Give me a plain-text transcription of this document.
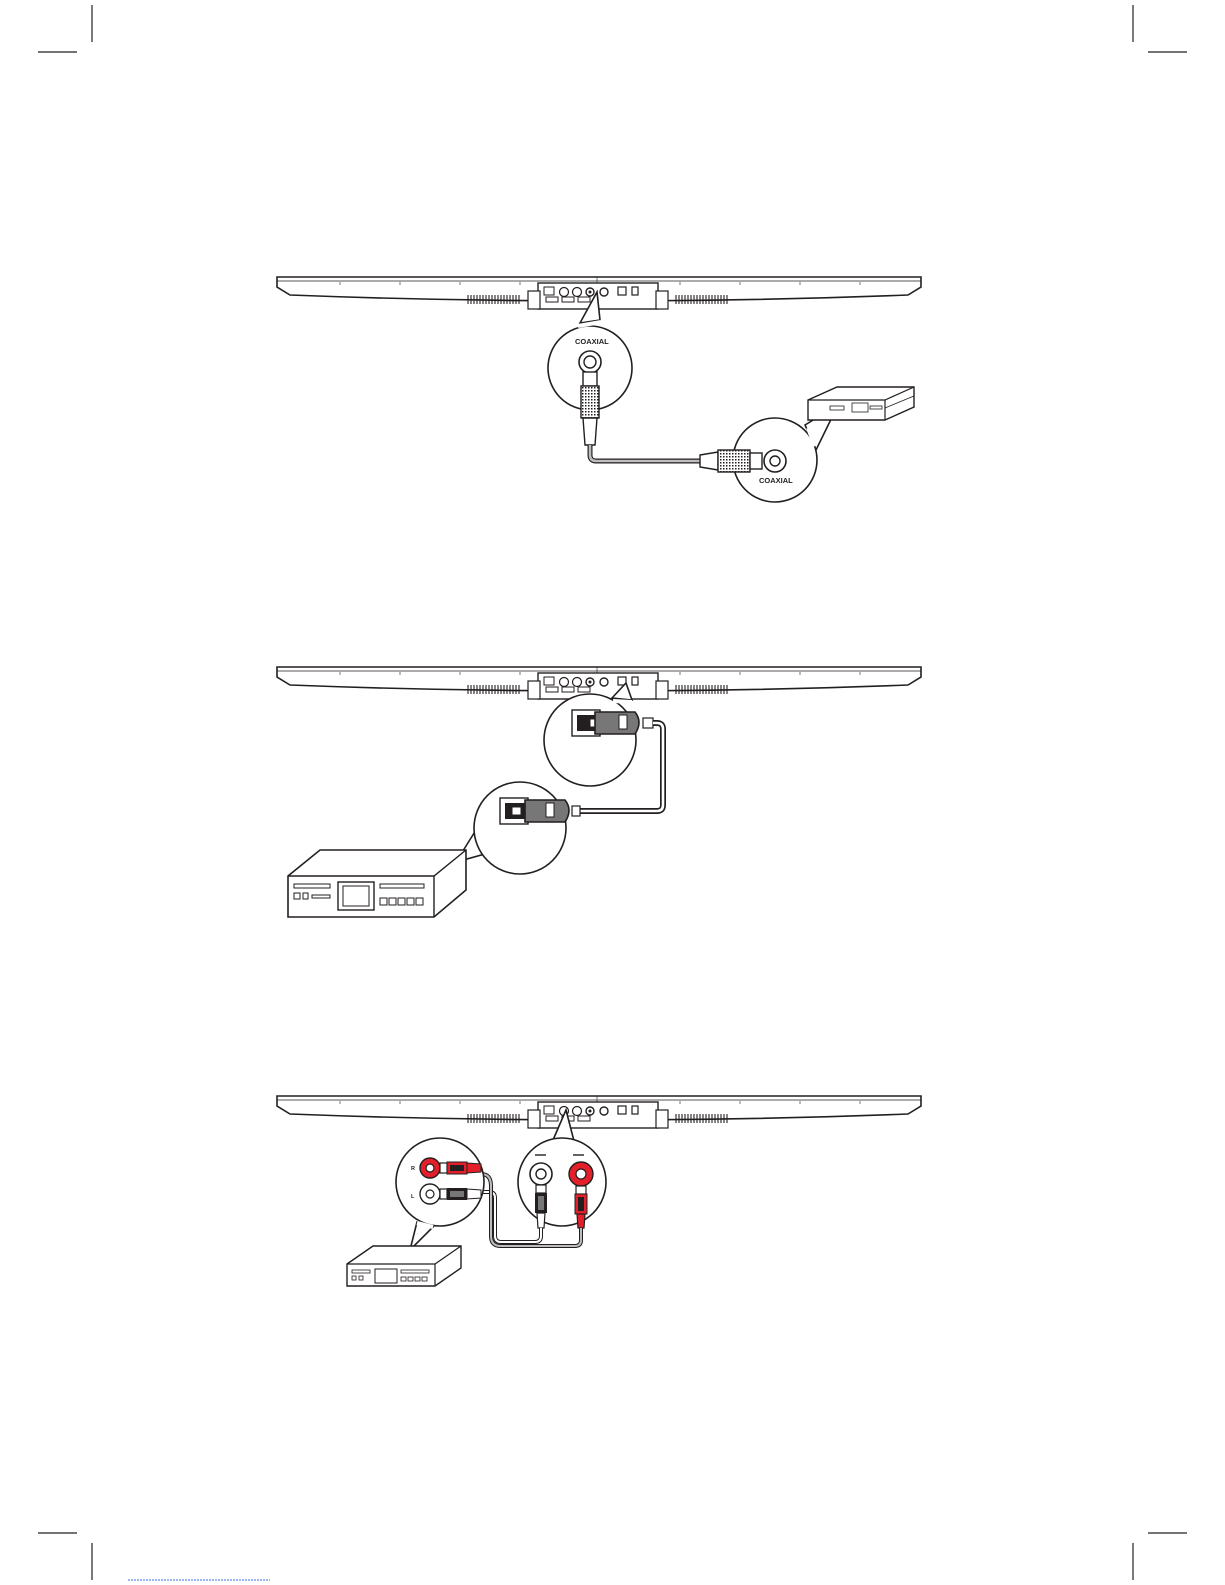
COAXIAL
COAXIAL
R
L
